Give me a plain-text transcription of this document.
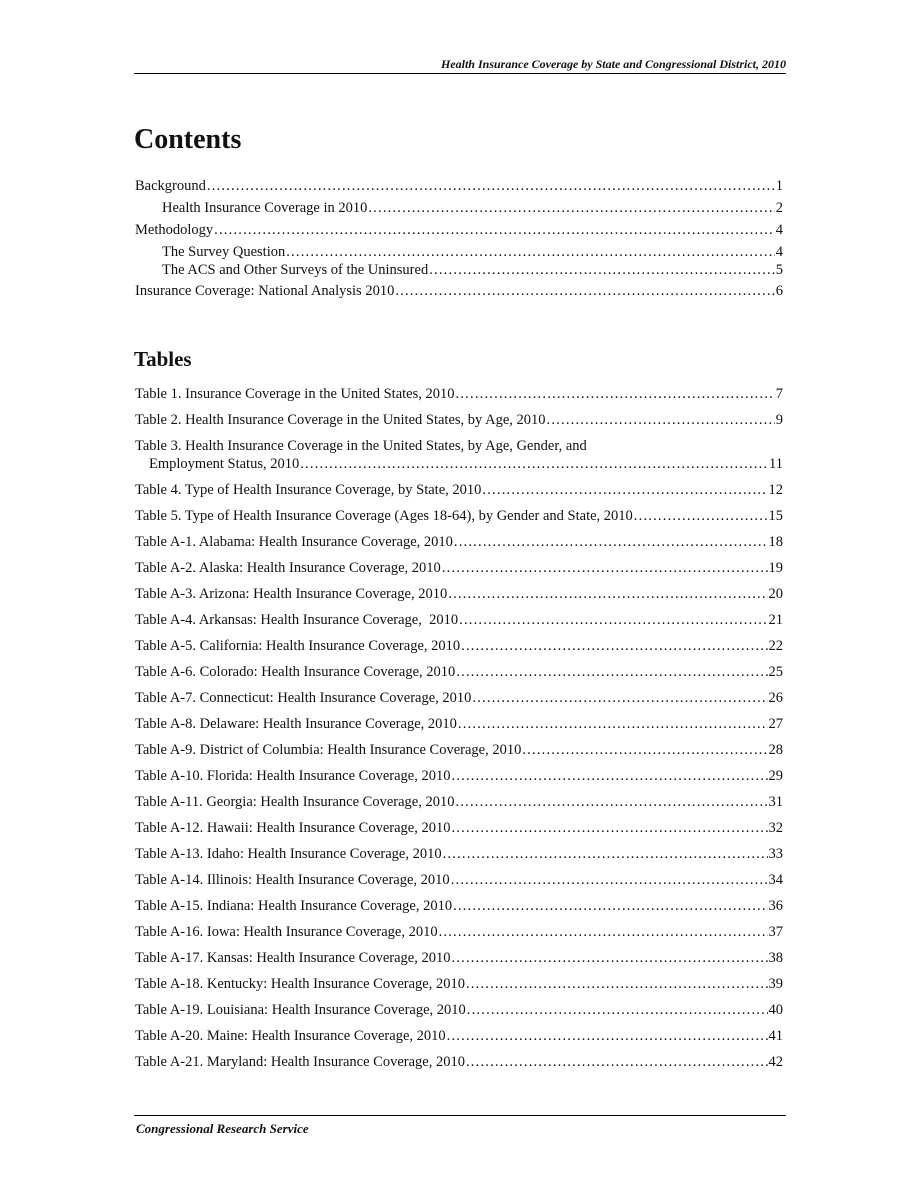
Health Insurance Coverage by State and Congressional District, 2010
Contents
Background .....	1
Health Insurance Coverage in 2010 .....	2
Methodology .....	4
The Survey Question .....	4
The ACS and Other Surveys of the Uninsured .....	5
Insurance Coverage: National Analysis 2010 .....	6
Tables
Table 1. Insurance Coverage in the United States, 2010 .....	7
Table 2. Health Insurance Coverage in the United States, by Age, 2010 .....	9
Table 3. Health Insurance Coverage in the United States, by Age, Gender, and
Employment Status, 2010 .....	11
Table 4. Type of Health Insurance Coverage, by State, 2010 .....	12
Table 5. Type of Health Insurance Coverage (Ages 18-64), by Gender and State, 2010 .....	15
Table A-1. Alabama: Health Insurance Coverage, 2010 .....	18
Table A-2. Alaska: Health Insurance Coverage, 2010 .....	19
Table A-3. Arizona: Health Insurance Coverage, 2010 .....	20
Table A-4. Arkansas: Health Insurance Coverage,  2010 .....	21
Table A-5. California: Health Insurance Coverage, 2010 .....	22
Table A-6. Colorado: Health Insurance Coverage, 2010 .....	25
Table A-7. Connecticut: Health Insurance Coverage, 2010 .....	26
Table A-8. Delaware: Health Insurance Coverage, 2010 .....	27
Table A-9. District of Columbia: Health Insurance Coverage, 2010 .....	28
Table A-10. Florida: Health Insurance Coverage, 2010 .....	29
Table A-11. Georgia: Health Insurance Coverage, 2010 .....	31
Table A-12. Hawaii: Health Insurance Coverage, 2010 .....	32
Table A-13. Idaho: Health Insurance Coverage, 2010 .....	33
Table A-14. Illinois: Health Insurance Coverage, 2010 .....	34
Table A-15. Indiana: Health Insurance Coverage, 2010 .....	36
Table A-16. Iowa: Health Insurance Coverage, 2010 .....	37
Table A-17. Kansas: Health Insurance Coverage, 2010 .....	38
Table A-18. Kentucky: Health Insurance Coverage, 2010 .....	39
Table A-19. Louisiana: Health Insurance Coverage, 2010 .....	40
Table A-20. Maine: Health Insurance Coverage, 2010 .....	41
Table A-21. Maryland: Health Insurance Coverage, 2010 .....	42
Congressional Research Service
